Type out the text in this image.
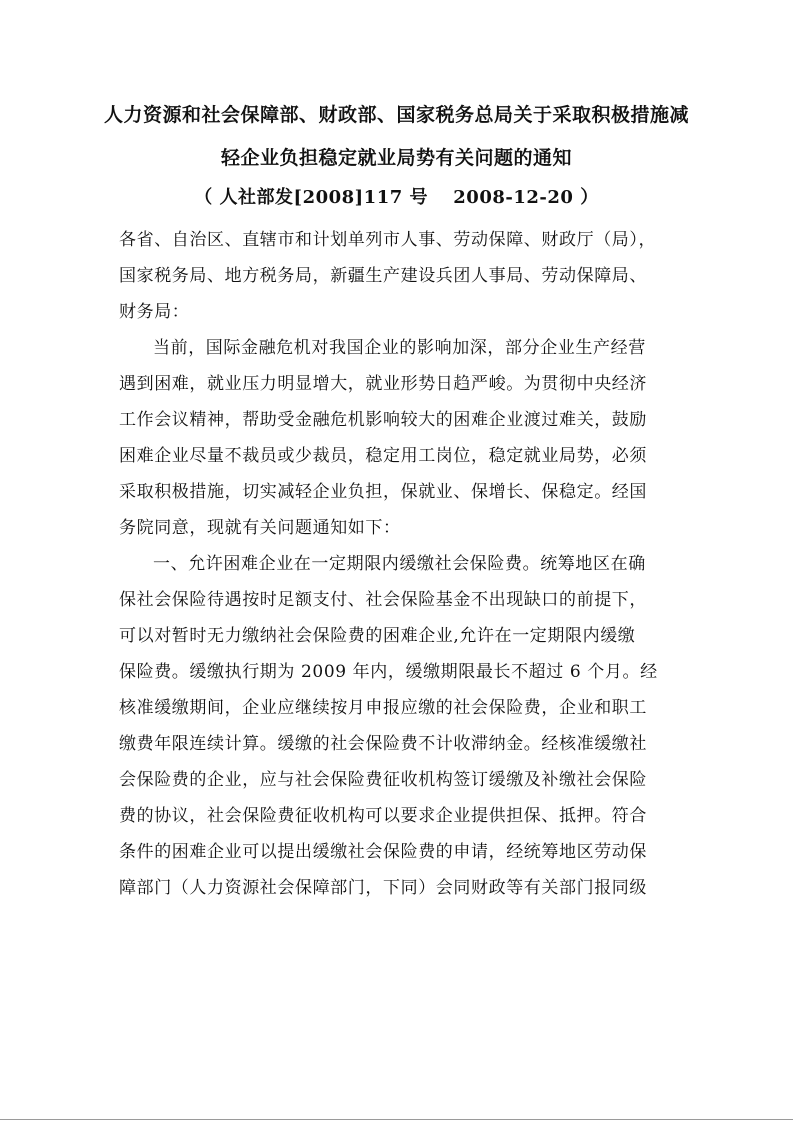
人力资源和社会保障部、财政部、国家税务总局关于采取积极措施减
轻企业负担稳定就业局势有关问题的通知
（ 人社部发[2008]117 号　 2008-12-20 ）
各省、自治区、直辖市和计划单列市人事、劳动保障、财政厅（局），
国家税务局、地方税务局，新疆生产建设兵团人事局、劳动保障局、
财务局：
当前，国际金融危机对我国企业的影响加深，部分企业生产经营
遇到困难，就业压力明显增大，就业形势日趋严峻。为贯彻中央经济
工作会议精神，帮助受金融危机影响较大的困难企业渡过难关，鼓励
困难企业尽量不裁员或少裁员，稳定用工岗位，稳定就业局势，必须
采取积极措施，切实减轻企业负担，保就业、保增长、保稳定。经国
务院同意，现就有关问题通知如下：
一、允许困难企业在一定期限内缓缴社会保险费。统筹地区在确
保社会保险待遇按时足额支付、社会保险基金不出现缺口的前提下，
可以对暂时无力缴纳社会保险费的困难企业,允许在一定期限内缓缴
保险费。缓缴执行期为 2009 年内，缓缴期限最长不超过 6 个月。经
核准缓缴期间，企业应继续按月申报应缴的社会保险费，企业和职工
缴费年限连续计算。缓缴的社会保险费不计收滞纳金。经核准缓缴社
会保险费的企业，应与社会保险费征收机构签订缓缴及补缴社会保险
费的协议，社会保险费征收机构可以要求企业提供担保、抵押。符合
条件的困难企业可以提出缓缴社会保险费的申请，经统筹地区劳动保
障部门（人力资源社会保障部门，下同）会同财政等有关部门报同级
